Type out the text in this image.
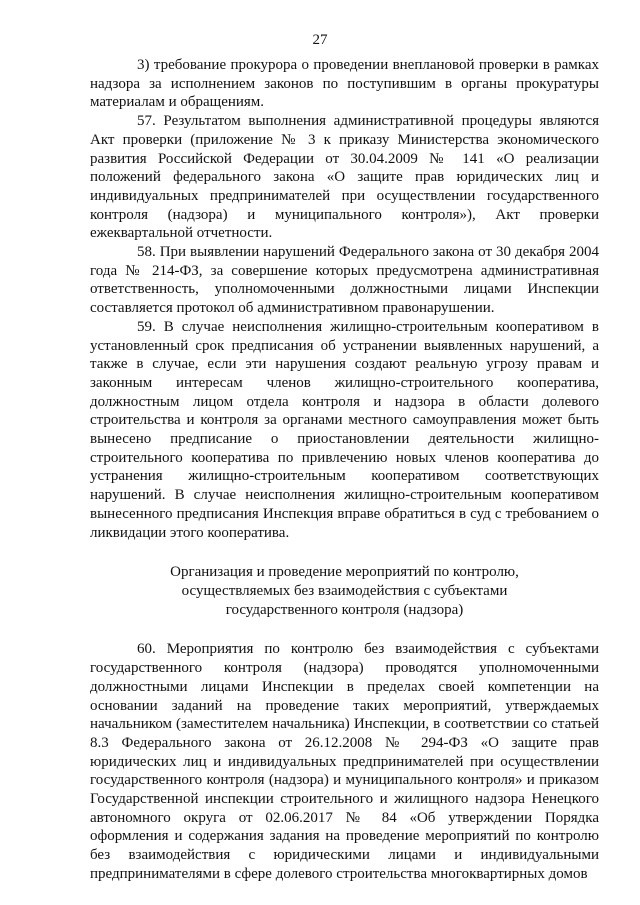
27

3) требование прокурора о проведении внеплановой проверки в рамках надзора за исполнением законов по поступившим в органы прокуратуры материалам и обращениям.

57. Результатом выполнения административной процедуры являются Акт проверки (приложение № 3 к приказу Министерства экономического развития Российской Федерации от 30.04.2009 № 141 «О реализации положений федерального закона «О защите прав юридических лиц и индивидуальных предпринимателей при осуществлении государственного контроля (надзора) и муниципального контроля»), Акт проверки ежеквартальной отчетности.

58. При выявлении нарушений Федерального закона от 30 декабря 2004 года № 214-ФЗ, за совершение которых предусмотрена административная ответственность, уполномоченными должностными лицами Инспекции составляется протокол об административном правонарушении.

59. В случае неисполнения жилищно-строительным кооперативом в установленный срок предписания об устранении выявленных нарушений, а также в случае, если эти нарушения создают реальную угрозу правам и законным интересам членов жилищно-строительного кооператива, должностным лицом отдела контроля и надзора в области долевого строительства и контроля за органами местного самоуправления может быть вынесено предписание о приостановлении деятельности жилищно-строительного кооператива по привлечению новых членов кооператива до устранения жилищно-строительным кооперативом соответствующих нарушений. В случае неисполнения жилищно-строительным кооперативом вынесенного предписания Инспекция вправе обратиться в суд с требованием о ликвидации этого кооператива.

Организация и проведение мероприятий по контролю,
осуществляемых без взаимодействия с субъектами
государственного контроля (надзора)

60. Мероприятия по контролю без взаимодействия с субъектами государственного контроля (надзора) проводятся уполномоченными должностными лицами Инспекции в пределах своей компетенции на основании заданий на проведение таких мероприятий, утверждаемых начальником (заместителем начальника) Инспекции, в соответствии со статьей 8.3 Федерального закона от 26.12.2008 № 294-ФЗ «О защите прав юридических лиц и индивидуальных предпринимателей при осуществлении государственного контроля (надзора) и муниципального контроля» и приказом Государственной инспекции строительного и жилищного надзора Ненецкого автономного округа от 02.06.2017 № 84 «Об утверждении Порядка оформления и содержания задания на проведение мероприятий по контролю без взаимодействия с юридическими лицами и индивидуальными предпринимателями в сфере долевого строительства многоквартирных домов
